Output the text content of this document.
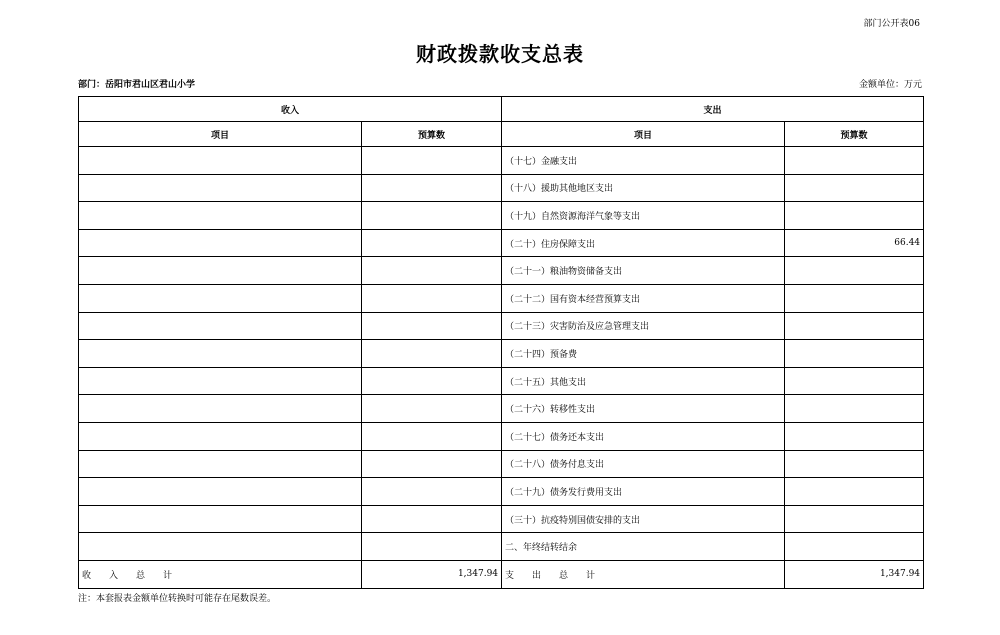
部门公开表06
财政拨款收支总表
部门：岳阳市君山区君山小学	金额单位：万元
收入		支出	
项目	预算数	项目	预算数
		（十七）金融支出	
		（十八）援助其他地区支出	
		（十九）自然资源海洋气象等支出	
		（二十）住房保障支出	66.44
		（二十一）粮油物资储备支出	
		（二十二）国有资本经营预算支出	
		（二十三）灾害防治及应急管理支出	
		（二十四）预备费	
		（二十五）其他支出	
		（二十六）转移性支出	
		（二十七）债务还本支出	
		（二十八）债务付息支出	
		（二十九）债务发行费用支出	
		（三十）抗疫特别国债安排的支出	
		二、年终结转结余	
收　　入　　总　　计	1,347.94	支　　出　　总　　计	1,347.94
注：本套报表金额单位转换时可能存在尾数误差。
